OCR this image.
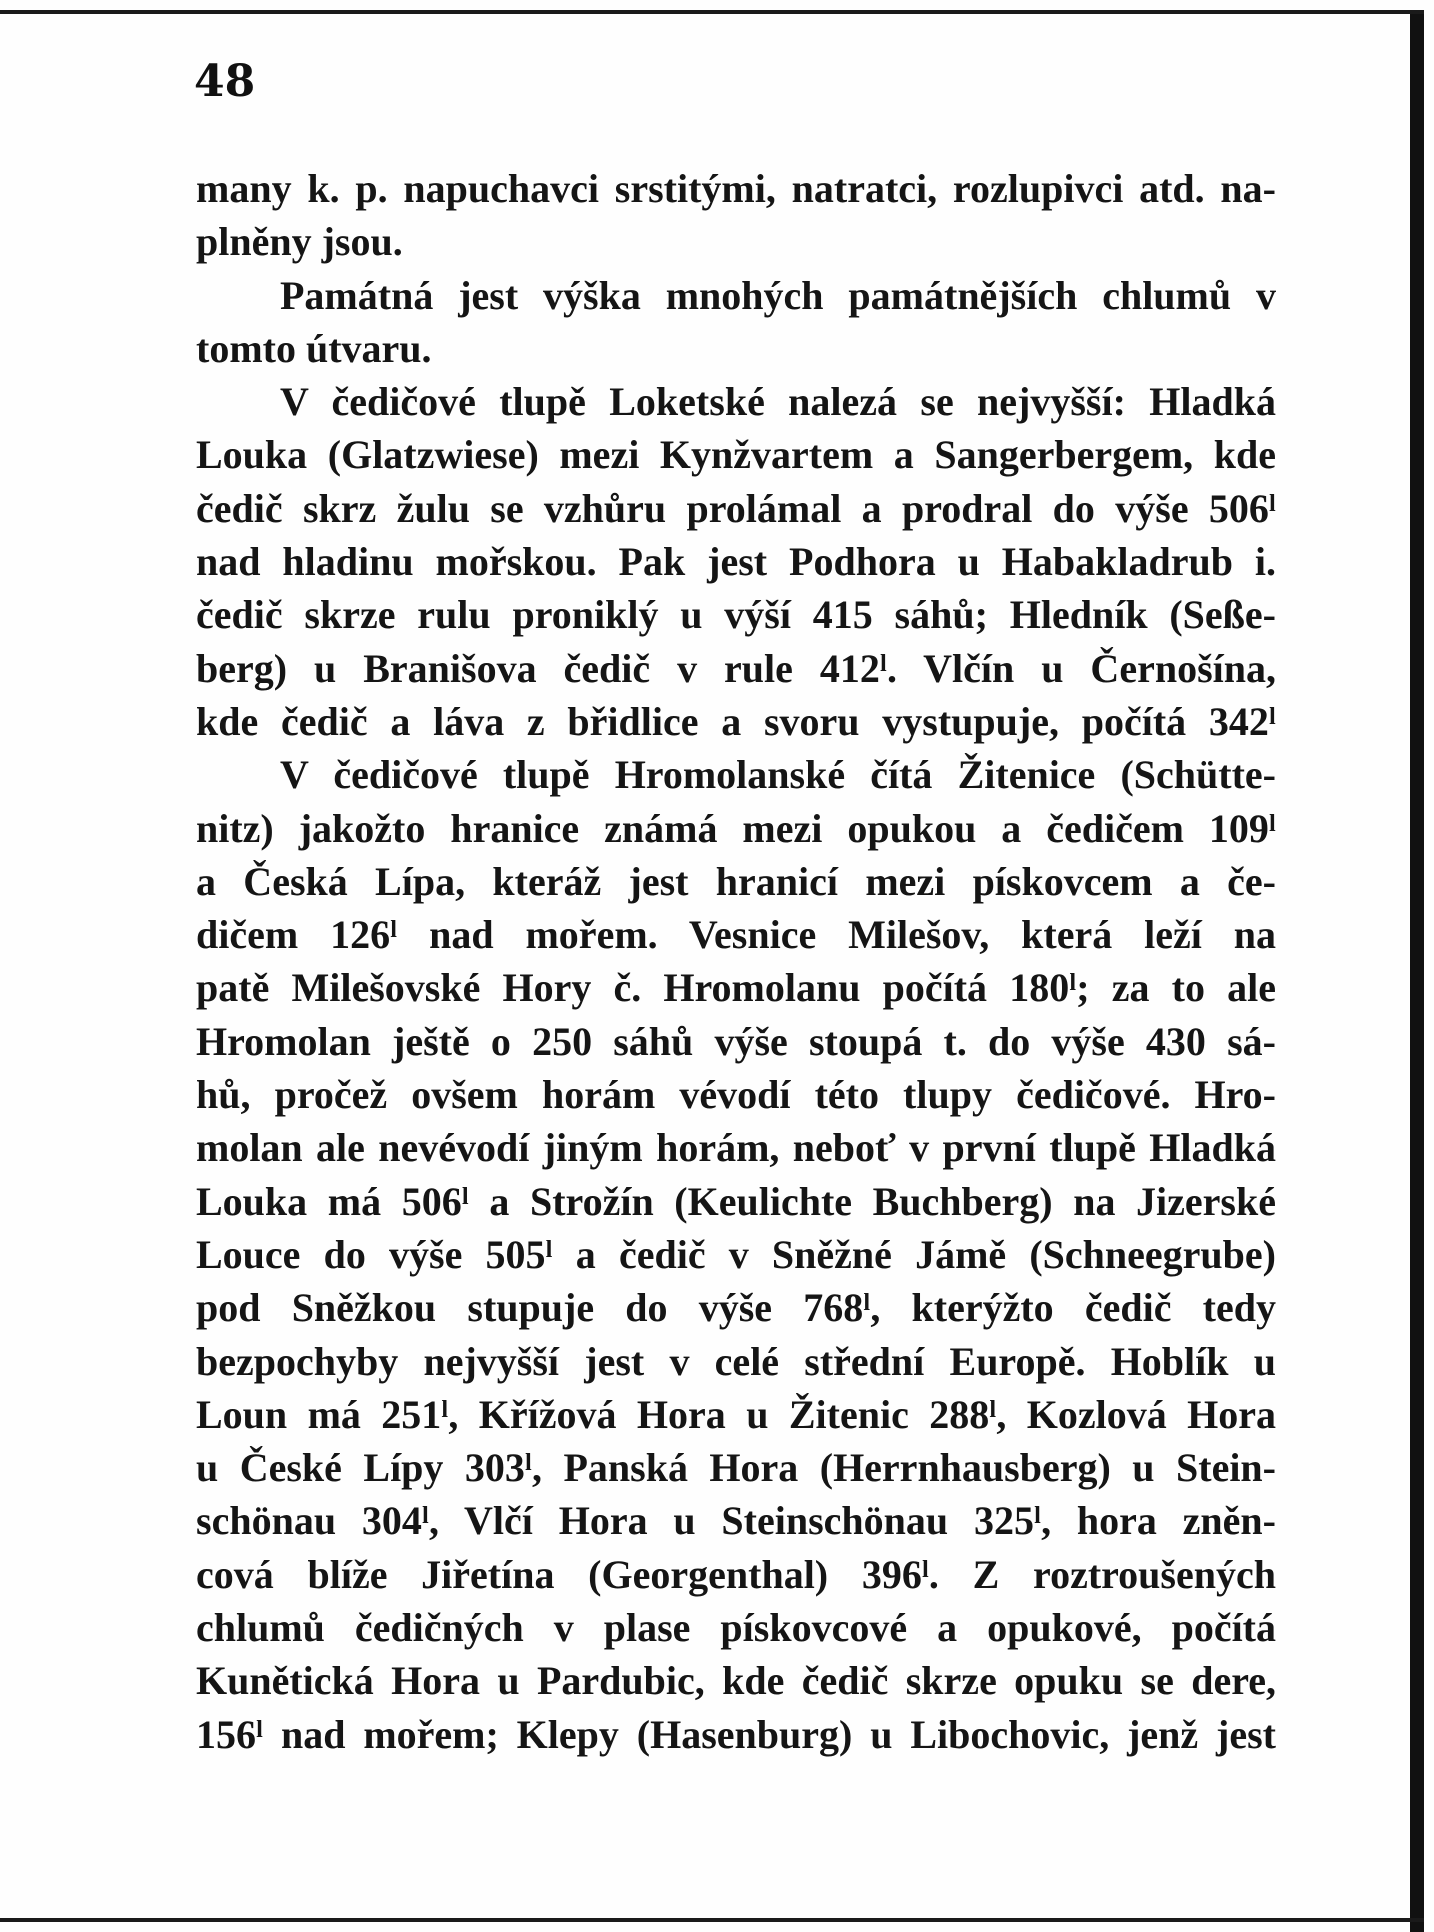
48
many k. p. napuchavci srstitými, natratci, rozlupivci atd. na-
plněny jsou.
Památná jest výška mnohých památnějších chlumů v
tomto útvaru.
V čedičové tlupě Loketské nalezá se nejvyšší: Hladká
Louka (Glatzwiese) mezi Kynžvartem a Sangerbergem, kde
čedič skrz žulu se vzhůru prolámal a prodral do výše 506ˡ
nad hladinu mořskou. Pak jest Podhora u Habakladrub i.
čedič skrze rulu proniklý u výší 415 sáhů; Hledník (Seße-
berg) u Branišova čedič v rule 412ˡ. Vlčín u Černošína,
kde čedič a láva z břidlice a svoru vystupuje, počítá 342ˡ
V čedičové tlupě Hromolanské čítá Žitenice (Schütte-
nitz) jakožto hranice známá mezi opukou a čedičem 109ˡ
a Česká Lípa, kteráž jest hranicí mezi pískovcem a če-
dičem 126ˡ nad mořem. Vesnice Milešov, která leží na
patě Milešovské Hory č. Hromolanu počítá 180ˡ; za to ale
Hromolan ještě o 250 sáhů výše stoupá t. do výše 430 sá-
hů, pročež ovšem horám vévodí této tlupy čedičové. Hro-
molan ale nevévodí jiným horám, neboť v první tlupě Hladká
Louka má 506ˡ a Strožín (Keulichte Buchberg) na Jizerské
Louce do výše 505ˡ a čedič v Sněžné Jámě (Schneegrube)
pod Sněžkou stupuje do výše 768ˡ, kterýžto čedič tedy
bezpochyby nejvyšší jest v celé střední Europě. Hoblík u
Loun má 251ˡ, Křížová Hora u Žitenic 288ˡ, Kozlová Hora
u České Lípy 303ˡ, Panská Hora (Herrnhausberg) u Stein-
schönau 304ˡ, Vlčí Hora u Steinschönau 325ˡ, hora zněn-
cová blíže Jiřetína (Georgenthal) 396ˡ. Z roztroušených
chlumů čedičných v plase pískovcové a opukové, počítá
Kunětická Hora u Pardubic, kde čedič skrze opuku se dere,
156ˡ nad mořem; Klepy (Hasenburg) u Libochovic, jenž jest
